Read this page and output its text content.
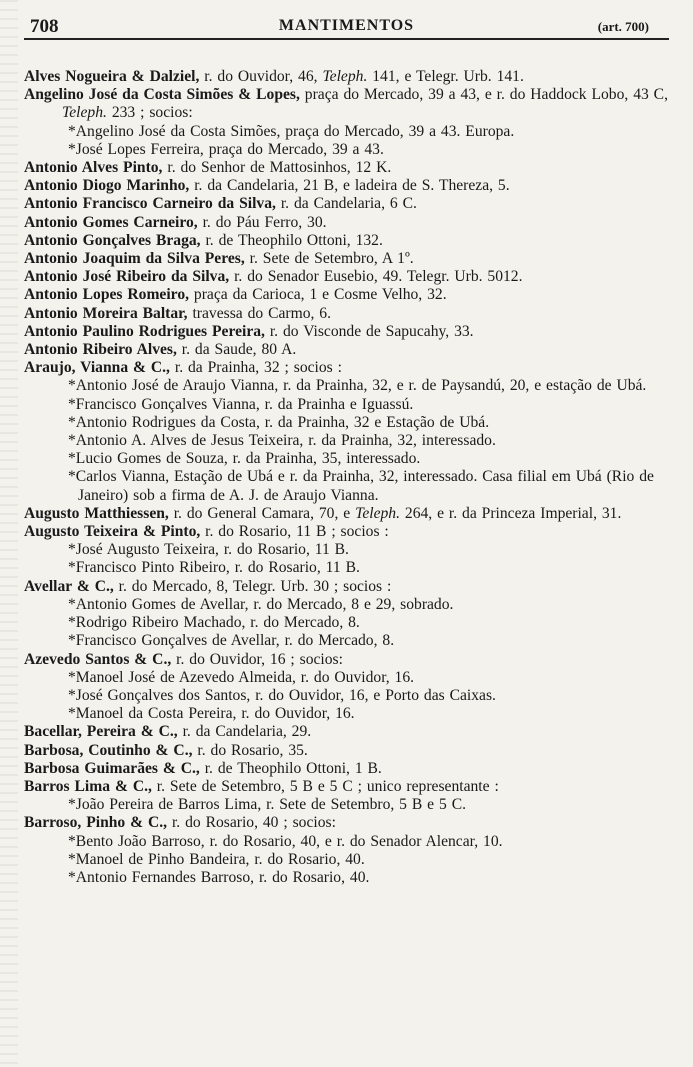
708	MANTIMENTOS	(art. 700)

Alves Nogueira & Dalziel, r. do Ouvidor, 46, Teleph. 141, e Telegr. Urb. 141.

Angelino José da Costa Simões & Lopes, praça do Mercado, 39 a 43, e r. do Haddock Lobo, 43 C, Teleph. 233 ; socios:

*Angelino José da Costa Simões, praça do Mercado, 39 a 43. Europa.

*José Lopes Ferreira, praça do Mercado, 39 a 43.

Antonio Alves Pinto, r. do Senhor de Mattosinhos, 12 K.

Antonio Diogo Marinho, r. da Candelaria, 21 B, e ladeira de S. Thereza, 5.

Antonio Francisco Carneiro da Silva, r. da Candelaria, 6 C.

Antonio Gomes Carneiro, r. do Páu Ferro, 30.

Antonio Gonçalves Braga, r. de Theophilo Ottoni, 132.

Antonio Joaquim da Silva Peres, r. Sete de Setembro, A 1º.

Antonio José Ribeiro da Silva, r. do Senador Eusebio, 49. Telegr. Urb. 5012.

Antonio Lopes Romeiro, praça da Carioca, 1 e Cosme Velho, 32.

Antonio Moreira Baltar, travessa do Carmo, 6.

Antonio Paulino Rodrigues Pereira, r. do Visconde de Sapucahy, 33.

Antonio Ribeiro Alves, r. da Saude, 80 A.

Araujo, Vianna & C., r. da Prainha, 32 ; socios :

*Antonio José de Araujo Vianna, r. da Prainha, 32, e r. de Paysandú, 20, e estação de Ubá.

*Francisco Gonçalves Vianna, r. da Prainha e Iguassú.

*Antonio Rodrigues da Costa, r. da Prainha, 32 e Estação de Ubá.

*Antonio A. Alves de Jesus Teixeira, r. da Prainha, 32, interessado.

*Lucio Gomes de Souza, r. da Prainha, 35, interessado.

*Carlos Vianna, Estação de Ubá e r. da Prainha, 32, interessado. Casa filial em Ubá (Rio de Janeiro) sob a firma de A. J. de Araujo Vianna.

Augusto Matthiessen, r. do General Camara, 70, e Teleph. 264, e r. da Princeza Imperial, 31.

Augusto Teixeira & Pinto, r. do Rosario, 11 B ; socios :

*José Augusto Teixeira, r. do Rosario, 11 B.

*Francisco Pinto Ribeiro, r. do Rosario, 11 B.

Avellar & C., r. do Mercado, 8, Telegr. Urb. 30 ; socios :

*Antonio Gomes de Avellar, r. do Mercado, 8 e 29, sobrado.

*Rodrigo Ribeiro Machado, r. do Mercado, 8.

*Francisco Gonçalves de Avellar, r. do Mercado, 8.

Azevedo Santos & C., r. do Ouvidor, 16 ; socios:

*Manoel José de Azevedo Almeida, r. do Ouvidor, 16.

*José Gonçalves dos Santos, r. do Ouvidor, 16, e Porto das Caixas.

*Manoel da Costa Pereira, r. do Ouvidor, 16.

Bacellar, Pereira & C., r. da Candelaria, 29.

Barbosa, Coutinho & C., r. do Rosario, 35.

Barbosa Guimarães & C., r. de Theophilo Ottoni, 1 B.

Barros Lima & C., r. Sete de Setembro, 5 B e 5 C ; unico representante :

*João Pereira de Barros Lima, r. Sete de Setembro, 5 B e 5 C.

Barroso, Pinho & C., r. do Rosario, 40 ; socios:

*Bento João Barroso, r. do Rosario, 40, e r. do Senador Alencar, 10.

*Manoel de Pinho Bandeira, r. do Rosario, 40.

*Antonio Fernandes Barroso, r. do Rosario, 40.
